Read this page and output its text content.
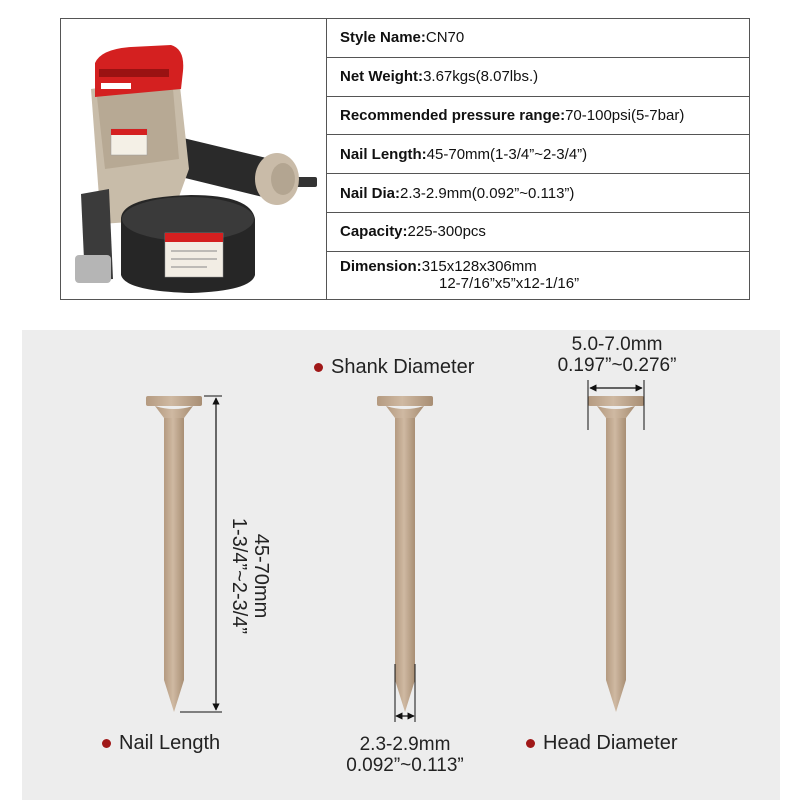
Style Name: CN70
Net Weight: 3.67kgs(8.07lbs.)
Recommended pressure range: 70-100psi(5-7bar)
Nail Length: 45-70mm(1-3/4”~2-3/4”)
Nail Dia: 2.3-2.9mm(0.092”~0.113”)
Capacity: 225-300pcs
Dimension:315x128x306mm
12-7/16”x5”x12-1/16”
Shank Diameter
5.0-7.0mm
0.197”~0.276”
45-70mm
1-3/4”~2-3/4”
Nail Length	2.3-2.9mm
0.092”~0.113”
Head Diameter
